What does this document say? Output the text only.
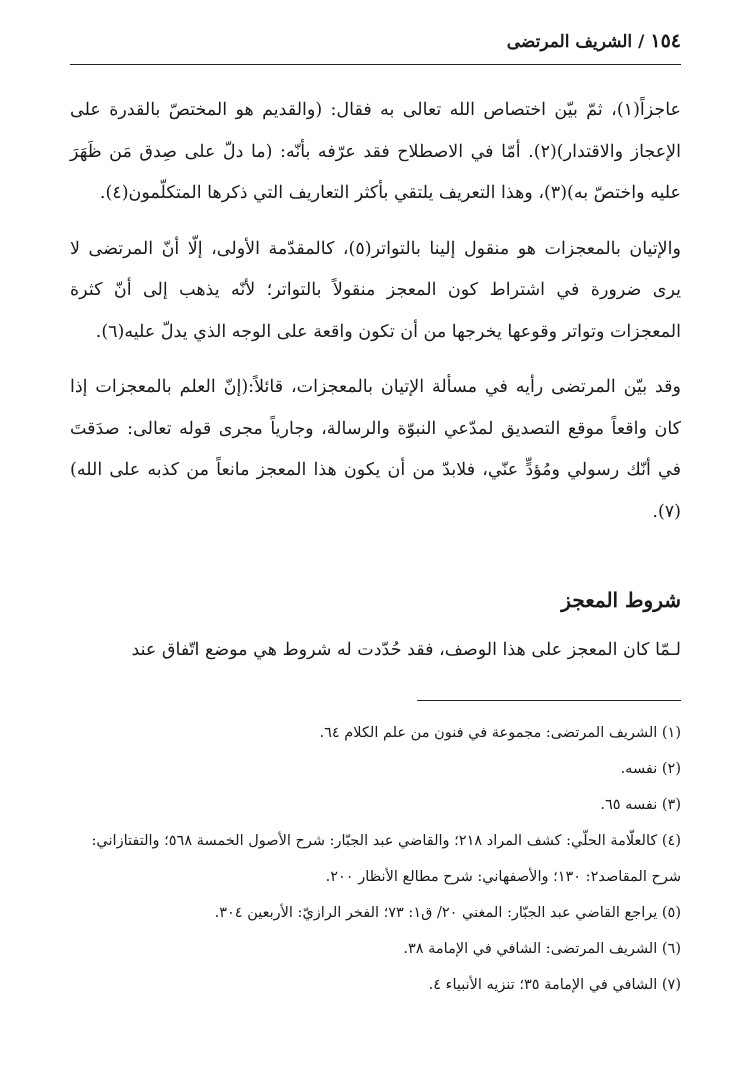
١٥٤/الشريف المرتضى

عاجزاً(١)، ثمّ بيّن اختصاص الله تعالى به فقال: (والقديم هو المختصّ بالقدرة على الإعجاز والاقتدار)(٢). أمّا في الاصطلاح فقد عرّفه بأنّه: (ما دلّ على صِدق مَن ظَهَرَ عليه واختصّ به)(٣)، وهذا التعريف يلتقي بأكثر التعاريف التي ذكرها المتكلّمون(٤).

والإتيان بالمعجزات هو منقول إلينا بالتواتر(٥)، كالمقدّمة الأولى، إلّا أنّ المرتضى لا يرى ضرورة في اشتراط كون المعجز منقولاً بالتواتر؛ لأنّه يذهب إلى أنّ كثرة المعجزات وتواتر وقوعها يخرجها من أن تكون واقعة على الوجه الذي يدلّ عليه(٦).

وقد بيّن المرتضى رأيه في مسألة الإتيان بالمعجزات، قائلاً:(إنّ العلم بالمعجزات إذا كان واقعاً موقع التصديق لمدّعي النبوّة والرسالة، وجارياً مجرى قوله تعالى: صدَقتَ في أنّك رسولي ومُؤدٍّ عنّي، فلابدّ من أن يكون هذا المعجز مانعاً من كذبه على الله)(٧).

شروط المعجز
لـمّا كان المعجز على هذا الوصف، فقد حُدّدت له شروط هي موضع اتّفاق عند

(١) الشريف المرتضى: مجموعة في فنون من علم الكلام ٦٤.

(٢) نفسه.

(٣) نفسه ٦٥.

(٤) كالعلّامة الحلّي: كشف المراد ٢١٨؛ والقاضي عبد الجبّار: شرح الأصول الخمسة ٥٦٨؛ والتفتازاني: شرح المقاصد٢: ١٣٠؛ والأصفهاني: شرح مطالع الأنظار ٢٠٠.

(٥) يراجع القاضي عبد الجبّار: المغني ٢٠/ ق١: ٧٣؛ الفخر الرازيّ: الأربعين ٣٠٤.

(٦) الشريف المرتضى: الشافي في الإمامة ٣٨.

(٧) الشافي في الإمامة ٣٥؛ تنزيه الأنبياء ٤.
